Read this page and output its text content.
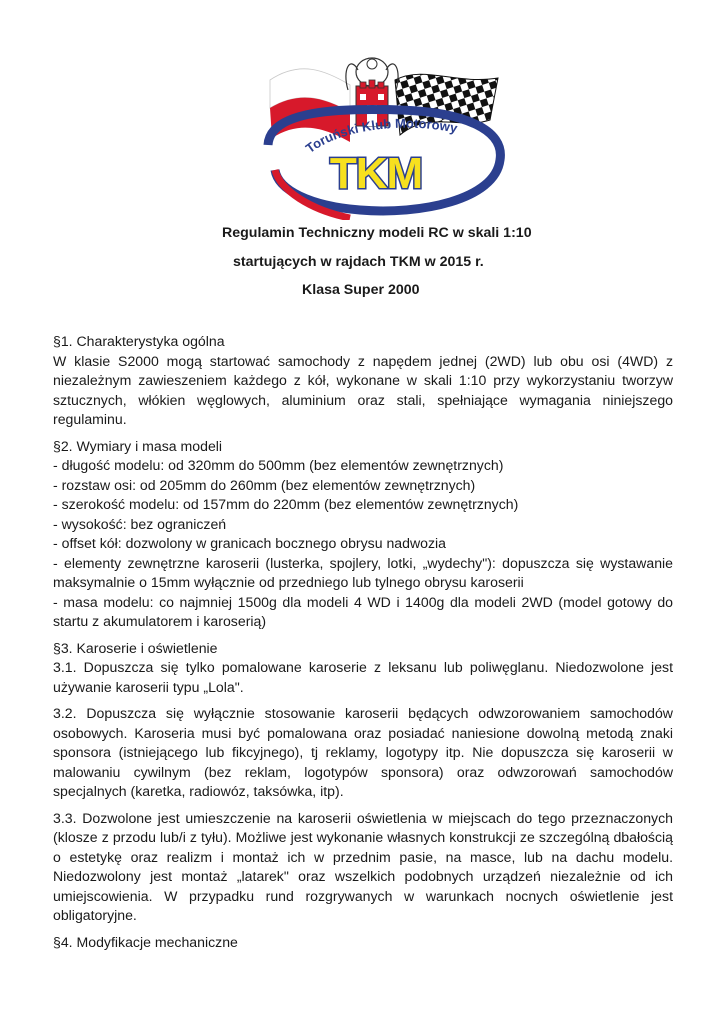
Toruński Klub Motorowy
TKM
Regulamin Techniczny modeli RC w skali 1:10
startujących w rajdach TKM w 2015 r.
Klasa Super 2000

§1. Charakterystyka ogólna

W klasie S2000 mogą startować samochody z napędem jednej (2WD) lub obu osi (4WD) z niezależnym zawieszeniem każdego z kół, wykonane w skali 1:10 przy wykorzystaniu tworzyw sztucznych, włókien węglowych, aluminium oraz stali, spełniające wymagania niniejszego regulaminu.

§2. Wymiary i masa modeli

- długość modelu: od 320mm do 500mm (bez elementów zewnętrznych)

- rozstaw osi: od 205mm do 260mm (bez elementów zewnętrznych)

- szerokość modelu: od 157mm do 220mm (bez elementów zewnętrznych)

- wysokość: bez ograniczeń

- offset kół: dozwolony w granicach bocznego obrysu nadwozia

- elementy zewnętrzne karoserii (lusterka, spojlery, lotki, „wydechy"): dopuszcza się wystawanie maksymalnie o 15mm wyłącznie od przedniego lub tylnego obrysu karoserii

- masa modelu: co najmniej 1500g dla modeli 4 WD i 1400g dla modeli 2WD (model gotowy do startu z akumulatorem i karoserią)

§3. Karoserie i oświetlenie

3.1. Dopuszcza się tylko pomalowane karoserie z leksanu lub poliwęglanu. Niedozwolone jest używanie karoserii typu „Lola".

3.2. Dopuszcza się wyłącznie stosowanie karoserii będących odwzorowaniem samochodów osobowych. Karoseria musi być pomalowana oraz posiadać naniesione dowolną metodą znaki sponsora (istniejącego lub fikcyjnego), tj reklamy, logotypy itp. Nie dopuszcza się karoserii w malowaniu cywilnym (bez reklam, logotypów sponsora) oraz odwzorowań samochodów specjalnych (karetka, radiowóz, taksówka, itp).

3.3. Dozwolone jest umieszczenie na karoserii oświetlenia w miejscach do tego przeznaczonych (klosze z przodu lub/i z tyłu). Możliwe jest wykonanie własnych konstrukcji ze szczególną dbałością o estetykę oraz realizm i montaż ich w przednim pasie, na masce, lub na dachu modelu. Niedozwolony jest montaż „latarek" oraz wszelkich podobnych urządzeń niezależnie od ich umiejscowienia. W przypadku rund rozgrywanych w warunkach nocnych oświetlenie jest obligatoryjne.

§4. Modyfikacje mechaniczne
